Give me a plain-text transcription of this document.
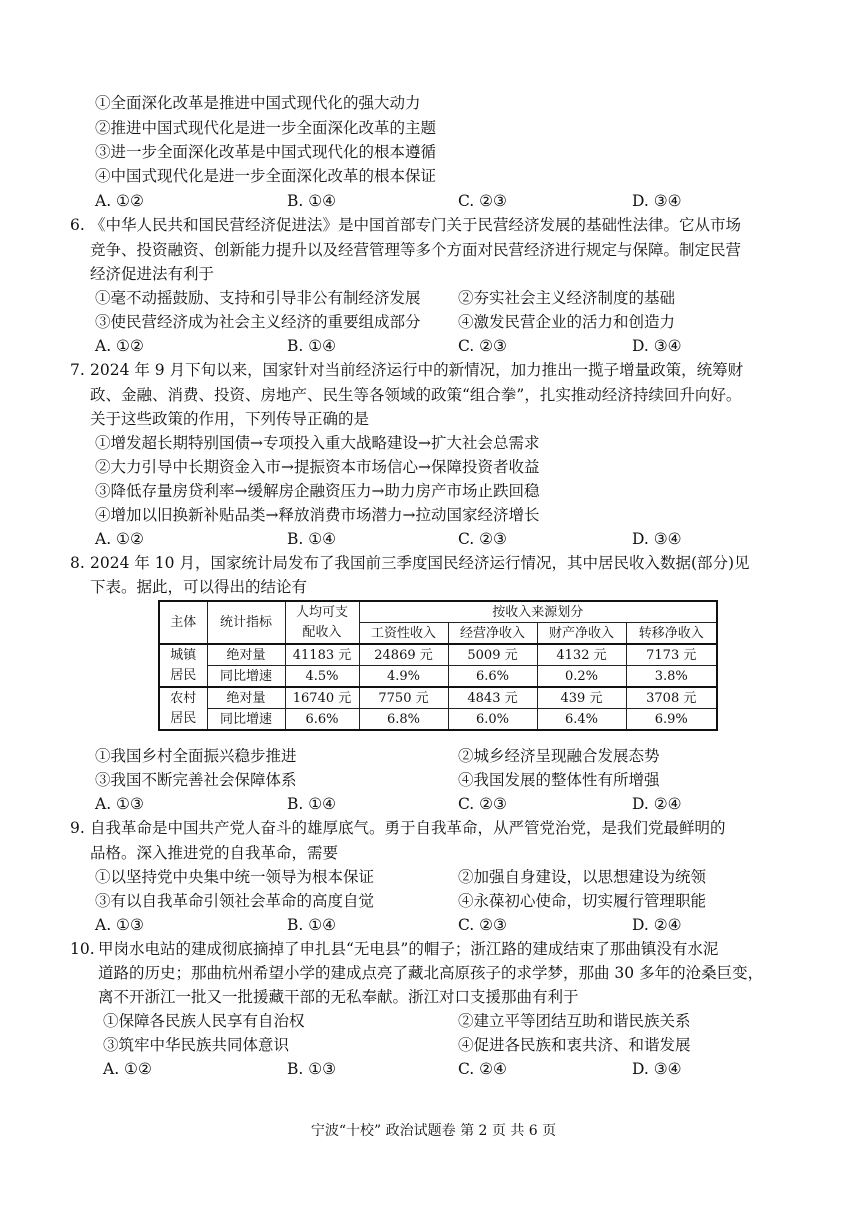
①全面深化改革是推进中国式现代化的强大动力
②推进中国式现代化是进一步全面深化改革的主题
③进一步全面深化改革是中国式现代化的根本遵循
④中国式现代化是进一步全面深化改革的根本保证
A. ①②	B. ①④	C. ②③	D. ③④
6. 《中华人民共和国民营经济促进法》是中国首部专门关于民营经济发展的基础性法律。它从市场
竞争、投资融资、创新能力提升以及经营管理等多个方面对民营经济进行规定与保障。制定民营
经济促进法有利于
①毫不动摇鼓励、支持和引导非公有制经济发展 ②夯实社会主义经济制度的基础
③使民营经济成为社会主义经济的重要组成部分 ④激发民营企业的活力和创造力
A. ①②	B. ①④	C. ②③	D. ③④
7. 2024 年 9 月下旬以来，国家针对当前经济运行中的新情况，加力推出一揽子增量政策，统筹财
政、金融、消费、投资、房地产、民生等各领域的政策“组合拳”，扎实推动经济持续回升向好。
关于这些政策的作用，下列传导正确的是
①增发超长期特别国债→专项投入重大战略建设→扩大社会总需求
②大力引导中长期资金入市→提振资本市场信心→保障投资者收益
③降低存量房贷利率→缓解房企融资压力→助力房产市场止跌回稳
④增加以旧换新补贴品类→释放消费市场潜力→拉动国家经济增长
A. ①②	B. ①④	C. ②③	D. ③④
8. 2024 年 10 月，国家统计局发布了我国前三季度国民经济运行情况，其中居民收入数据(部分)见
下表。据此，可以得出的结论有
主体	统计指标	人均可支	按收入来源划分			
		配收入	工资性收入	经营净收入	财产净收入	转移净收入
城镇	绝对量	41183 元	24869 元	5009 元	4132 元	7173 元
居民	同比增速	4.5%	4.9%	6.6%	0.2%	3.8%
农村	绝对量	16740 元	7750 元	4843 元	439 元	3708 元
居民	同比增速	6.6%	6.8%	6.0%	6.4%	6.9%
①我国乡村全面振兴稳步推进	②城乡经济呈现融合发展态势
③我国不断完善社会保障体系	④我国发展的整体性有所增强
A. ①③	B. ①④	C. ②③	D. ②④
9. 自我革命是中国共产党人奋斗的雄厚底气。勇于自我革命，从严管党治党，是我们党最鲜明的
品格。深入推进党的自我革命，需要
①以坚持党中央集中统一领导为根本保证	②加强自身建设，以思想建设为统领
③有以自我革命引领社会革命的高度自觉	④永葆初心使命，切实履行管理职能
A. ①③	B. ①④	C. ②③	D. ②④
10. 甲岗水电站的建成彻底摘掉了申扎县“无电县”的帽子；浙江路的建成结束了那曲镇没有水泥
道路的历史；那曲杭州希望小学的建成点亮了藏北高原孩子的求学梦，那曲 30 多年的沧桑巨变，
离不开浙江一批又一批援藏干部的无私奉献。浙江对口支援那曲有利于
①保障各民族人民享有自治权	②建立平等团结互助和谐民族关系
③筑牢中华民族共同体意识	④促进各民族和衷共济、和谐发展
A. ①②	B. ①③	C. ②④	D. ③④
宁波“十校” 政治试题卷 第 2 页 共 6 页
